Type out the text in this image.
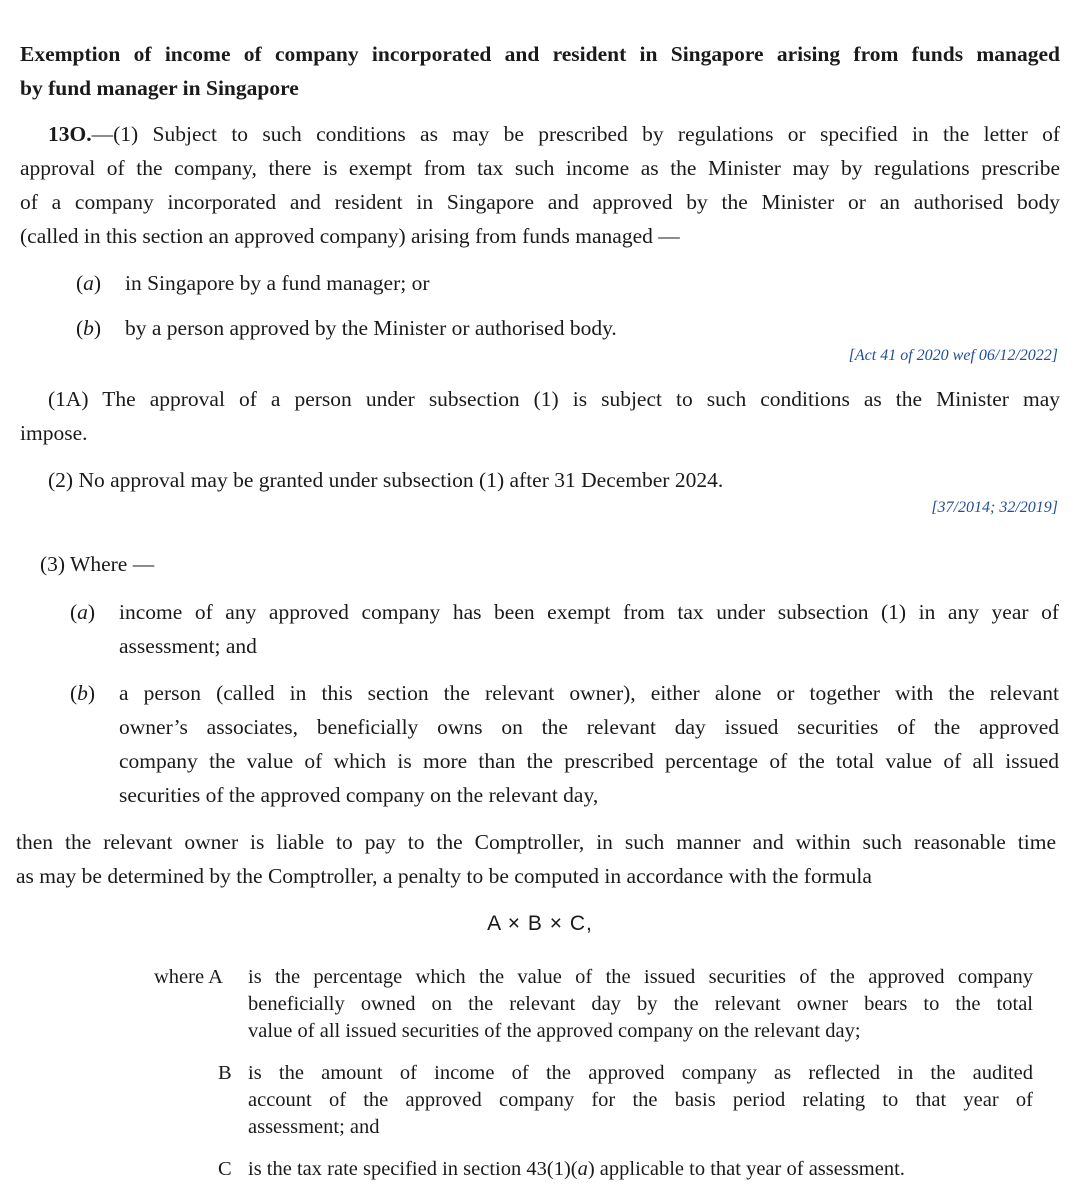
Exemption of income of company incorporated and resident in Singapore arising from funds managed
by fund manager in Singapore
13O.—(1) Subject to such conditions as may be prescribed by regulations or specified in the letter of
approval of the company, there is exempt from tax such income as the Minister may by regulations prescribe
of a company incorporated and resident in Singapore and approved by the Minister or an authorised body
(called in this section an approved company) arising from funds managed —
(a) in Singapore by a fund manager; or
(b) by a person approved by the Minister or authorised body.
[Act 41 of 2020 wef 06/12/2022]
(1A) The approval of a person under subsection (1) is subject to such conditions as the Minister may
impose.
(2) No approval may be granted under subsection (1) after 31 December 2024.
[37/2014; 32/2019]
(3) Where —
(a) income of any approved company has been exempt from tax under subsection (1) in any year of
assessment; and
(b) a person (called in this section the relevant owner), either alone or together with the relevant
owner’s associates, beneficially owns on the relevant day issued securities of the approved
company the value of which is more than the prescribed percentage of the total value of all issued
securities of the approved company on the relevant day,
then the relevant owner is liable to pay to the Comptroller, in such manner and within such reasonable time
as may be determined by the Comptroller, a penalty to be computed in accordance with the formula
A × B × C,
where A is the percentage which the value of the issued securities of the approved company
beneficially owned on the relevant day by the relevant owner bears to the total
value of all issued securities of the approved company on the relevant day;
B is the amount of income of the approved company as reflected in the audited
account of the approved company for the basis period relating to that year of
assessment; and
C is the tax rate specified in section 43(1)(a) applicable to that year of assessment.
